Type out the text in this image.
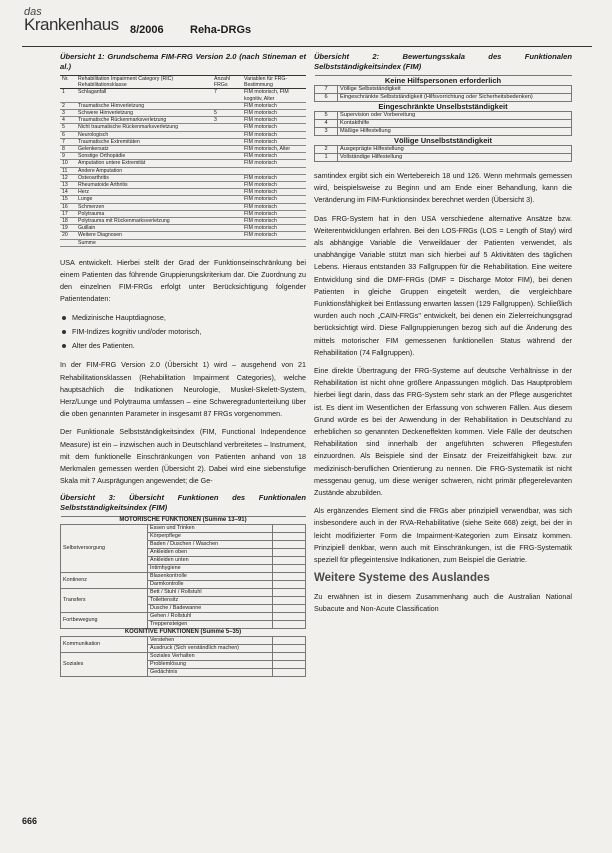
das
Krankenhaus 8/2006 Reha-DRGs
Übersicht 1: Grundschema FIM-FRG Version 2.0 (nach Stineman et al.)
Nr.	Rehabilitation Impairment Category (RIC) Rehabilitationsklasse	Anzahl FRGs	Variablen für FRG-Bestimmung
1	Schlaganfall	7	FIM motorisch, FIM kognitiv, Alter
2	Traumatische Hirnverletzung		FIM motorisch
3	Schwere Hirnverletzung	5	FIM motorisch
4	Traumatische Rückenmarksverletzung	3	FIM motorisch
5	Nicht traumatische Rückenmarksverletzung		FIM motorisch
6	Neurologisch		FIM motorisch
7	Traumatische Extremitäten		FIM motorisch
8	Gelenkersatz		FIM motorisch, Alter
9	Sonstige Orthopädie		FIM motorisch
10	Amputation untere Extremität		FIM motorisch
11	Andere Amputation		
12	Osteoarthritis		FIM motorisch
13	Rheumatoide Arthritis		FIM motorisch
14	Herz		FIM motorisch
15	Lunge		FIM motorisch
16	Schmerzen		FIM motorisch
17	Polytrauma		FIM motorisch
18	Polytrauma mit Rückenmarksverletzung		FIM motorisch
19	Guillain		FIM motorisch
20	Weitere Diagnosen		FIM motorisch
	Summe		
USA entwickelt. Hierbei stellt der Grad der Funktionseinschränkung bei einem Patienten das führende Gruppierungskriterium dar. Die Zuordnung zu den einzelnen FIM-FRGs erfolgt unter Berücksichtigung folgender Patientendaten:
Medizinische Hauptdiagnose,
FIM-Indizes kognitiv und/oder motorisch,
Alter des Patienten.
In der FIM-FRG Version 2.0 (Übersicht 1) wird – ausgehend von 21 Rehabilitationsklassen (Rehabilitation Impairment Categories), welche hauptsächlich die Indikationen Neurologie, Muskel-Skelett-System, Herz/Lunge und Polytrauma umfassen – eine Schweregradunterteilung über die oben genannten Parameter in insgesamt 87 FRGs vorgenommen.
Der Funktionale Selbstständigkeitsindex (FIM, Functional Independence Measure) ist ein – inzwischen auch in Deutschland verbreitetes – Instrument, mit dem funktionelle Einschränkungen von Patienten anhand von 18 Merkmalen gemessen werden (Übersicht 2). Dabei wird eine siebenstufige Skala mit 7 Ausprägungen angewendet; die Ge-
Übersicht 3: Übersicht Funktionen des Funktionalen Selbstständigkeitsindex (FIM)
MOTORISCHE FUNKTIONEN (Summe 13–91)		
Selbstversorgung	Essen und Trinken	
	Körperpflege	
	Baden / Duschen / Waschen	
	Ankleiden oben	
	Ankleiden unten	
	Intimhygiene	
Kontinenz	Blasenkontrolle	
	Darmkontrolle	
Transfers	Bett / Stuhl / Rollstuhl	
	Toilettensitz	
	Dusche / Badewanne	
Fortbewegung	Gehen / Rollstuhl	
	Treppensteigen	
KOGNITIVE FUNKTIONEN (Summe 5–35)		
Kommunikation	Verstehen	
	Ausdruck (Sich verständlich machen)	
Soziales	Soziales Verhalten	
	Problemlösung	
	Gedächtnis	
Übersicht 2: Bewertungsskala des Funktionalen Selbstständigkeitsindex (FIM)
Keine Hilfspersonen erforderlich	
7	Völlige Selbstständigkeit
6	Eingeschränkte Selbstständigkeit (Hilfsvorrichtung oder Sicherheitsbedenken)
Eingeschränkte Unselbstständigkeit	
5	Supervision oder Vorbereitung
4	Kontakthilfe
3	Mäßige Hilfestellung
Völlige Unselbstständigkeit	
2	Ausgeprägte Hilfestellung
1	Vollständige Hilfestellung
samtindex ergibt sich ein Wertebereich 18 und 126. Wenn mehrmals gemessen wird, beispielsweise zu Beginn und am Ende einer Behandlung, kann die Veränderung im FIM-Funktionsindex berechnet werden (Übersicht 3).
Das FRG-System hat in den USA verschiedene alternative Ansätze bzw. Weiterentwicklungen erfahren. Bei den LOS-FRGs (LOS = Length of Stay) wird als abhängige Variable die Verweildauer der Patienten verwendet, als unabhängige Variable stützt man sich hierbei auf 5 Aktivitäten des täglichen Lebens. Hieraus entstanden 33 Fallgruppen für die Rehabilitation. Eine weitere Entwicklung sind die DMF-FRGs (DMF = Discharge Motor FIM), bei denen Patienten in gleiche Gruppen eingeteilt werden, die vergleichbare Funktionsfähigkeit bei Entlassung erwarten lassen (129 Fallgruppen). Schließlich wurden auch noch „CAIN-FRGs" entwickelt, bei denen ein Zielerreichungsgrad berücksichtigt wird. Diese Fallgruppierungen bezog sich auf die Änderung des mittels motorischer FIM gemessenen funktionellen Status während der Rehabilitation (74 Fallgruppen).
Eine direkte Übertragung der FRG-Systeme auf deutsche Verhältnisse in der Rehabilitation ist nicht ohne größere Anpassungen möglich. Das Hauptproblem hierbei liegt darin, dass das FRG-System sehr stark an der Pflege ausgerichtet ist. Es dient im Wesentlichen der Erfassung von schweren Fällen. Aus diesem Grund würde es bei der Anwendung in der Rehabilitation in Deutschland zu erheblichen so genannten Deckeneffekten kommen. Viele Fälle der deutschen Rehabilitation sind innerhalb der angeführten schweren Pflegestufen einzuordnen. Als Beispiele sind der Einsatz der Freizeitfähigkeit bzw. zur medizinisch-beruflichen Orientierung zu nennen. Die FRG-Systematik ist nicht messgenau genug, um diese weniger schweren, nicht primär pflegerelevanten Zustände abzubilden.
Als ergänzendes Element sind die FRGs aber prinzipiell verwendbar, was sich insbesondere auch in der RVA-Rehabilitative (siehe Seite 668) zeigt, bei der in leicht modifizierter Form die Impairment-Kategorien zum Einsatz kommen. Prinzipiell denkbar, wenn auch mit Einschränkungen, ist die FRG-Systematik speziell für pflegeintensive Indikationen, zum Beispiel die Geriatrie.
Weitere Systeme des Auslandes
Zu erwähnen ist in diesem Zusammenhang auch die Australian National Subacute and Non-Acute Classification
666
